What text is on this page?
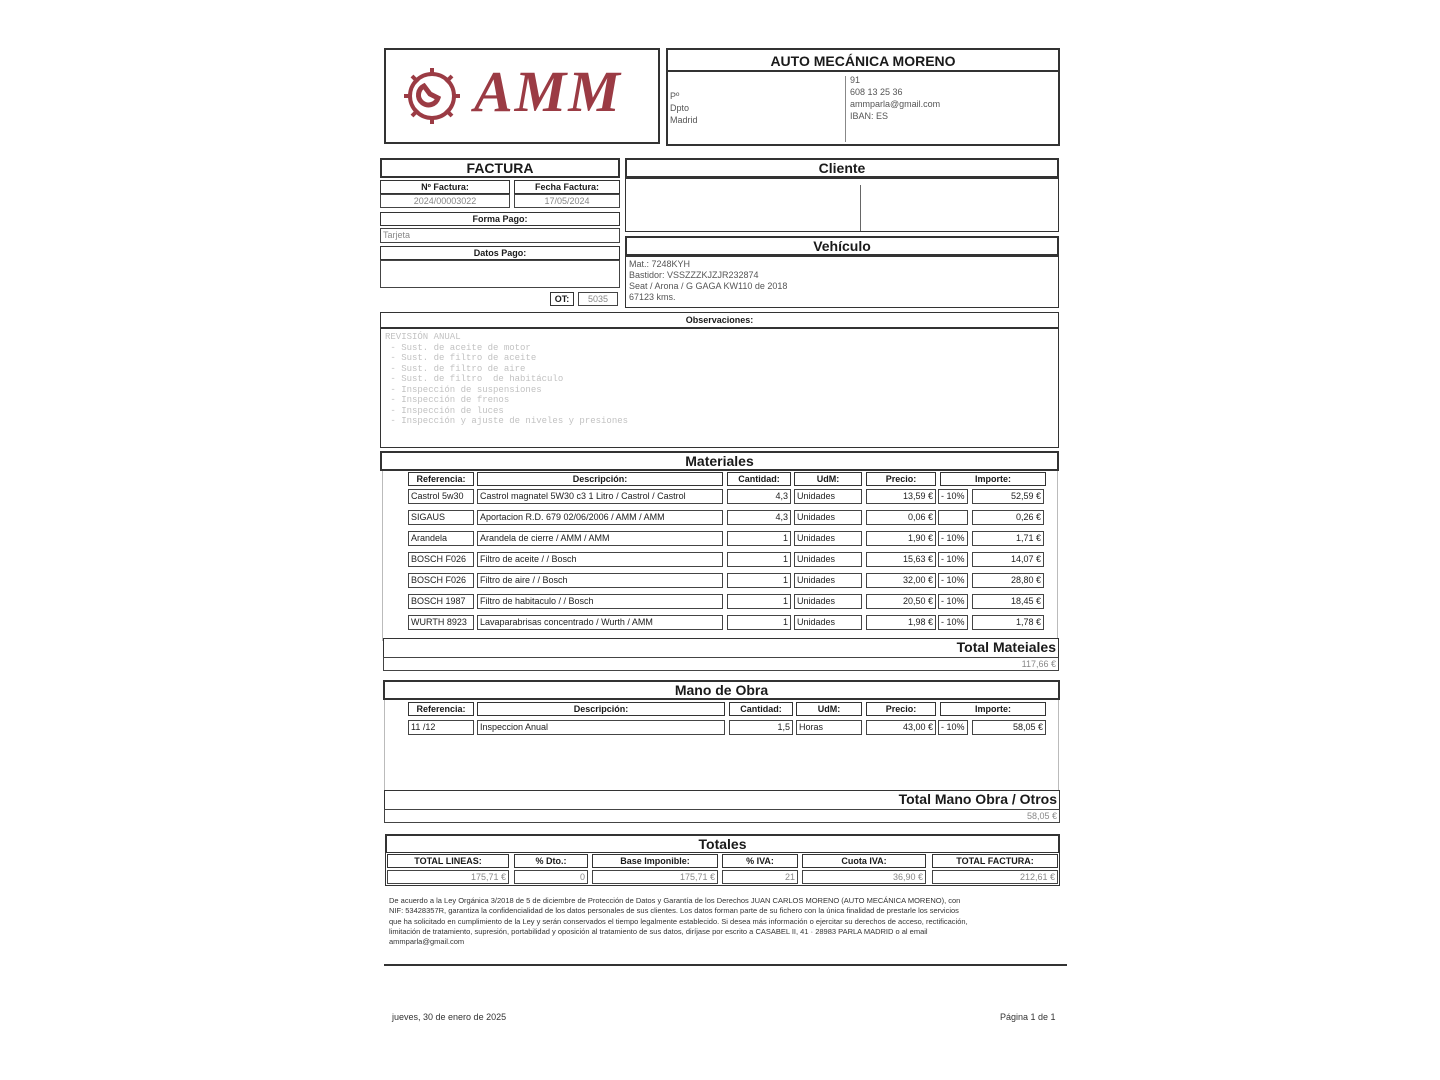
AMM	AUTO MECÁNICA MORENO
Pº
Dpto
Madrid
91
608 13 25 36
ammparla@gmail.com
IBAN: ES
FACTURA
Nº Factura:	Fecha Factura:
2024/00003022	17/05/2024
Forma Pago:
Tarjeta
Datos Pago:
OT:	5035
Cliente
Vehículo
Mat.: 7248KYH
Bastidor: VSSZZZKJZJR232874
Seat / Arona / G GAGA KW110 de 2018
67123 kms.
Observaciones:
REVISIÓN ANUAL
- Sust. de aceite de motor
- Sust. de filtro de aceite
- Sust. de filtro de aire
- Sust. de filtro  de habitáculo
- Inspección de suspensiones
- Inspección de frenos
- Inspección de luces
- Inspección y ajuste de niveles y presiones
Materiales
Referencia:	Descripción:	Cantidad:	UdM:	Precio:	Importe:
Castrol 5w30	Castrol magnatel 5W30 c3 1 Litro / Castrol / Castrol	4,3	Unidades	13,59 € - 10%	52,59 €
SIGAUS	Aportacion R.D. 679 02/06/2006 / AMM / AMM	4,3	Unidades	0,06 €	0,26 €
Arandela	Arandela de cierre / AMM / AMM	1	Unidades	1,90 € - 10%	1,71 €
BOSCH F026	Filtro de aceite / / Bosch	1	Unidades	15,63 € - 10%	14,07 €
BOSCH F026	Filtro de aire / / Bosch	1	Unidades	32,00 € - 10%	28,80 €
BOSCH 1987	Filtro de habitaculo / / Bosch	1	Unidades	20,50 € - 10%	18,45 €
WURTH 8923	Lavaparabrisas concentrado / Wurth / AMM	1	Unidades	1,98 € - 10%	1,78 €
Total Mateiales
117,66 €
Mano de Obra
Referencia:	Descripción:	Cantidad:	UdM:	Precio:	Importe:
11 /12	Inspeccion Anual	1,5	Horas	43,00 € - 10%	58,05 €
Total Mano Obra / Otros
58,05 €
Totales
TOTAL LINEAS:	% Dto.:	Base Imponible:	% IVA:	Cuota IVA:	TOTAL FACTURA:
175,71 €	0	175,71 €	21	36,90 €	212,61 €
De acuerdo a la Ley Orgánica 3/2018 de 5 de diciembre de Protección de Datos y Garantía de los Derechos JUAN CARLOS MORENO (AUTO MECÁNICA MORENO), con
NIF: 53428357R, garantiza la confidencialidad de los datos personales de sus clientes. Los datos forman parte de su fichero con la única finalidad de prestarle los servicios
que ha solicitado en cumplimiento de la Ley y serán conservados el tiempo legalmente establecido. Si desea más información o ejercitar su derechos de acceso, rectificación,
limitación de tratamiento, supresión, portabilidad y oposición al tratamiento de sus datos, diríjase por escrito a CASABEL II, 41 · 28983 PARLA MADRID o al email
ammparla@gmail.com
jueves, 30 de enero de 2025	Página 1 de 1
